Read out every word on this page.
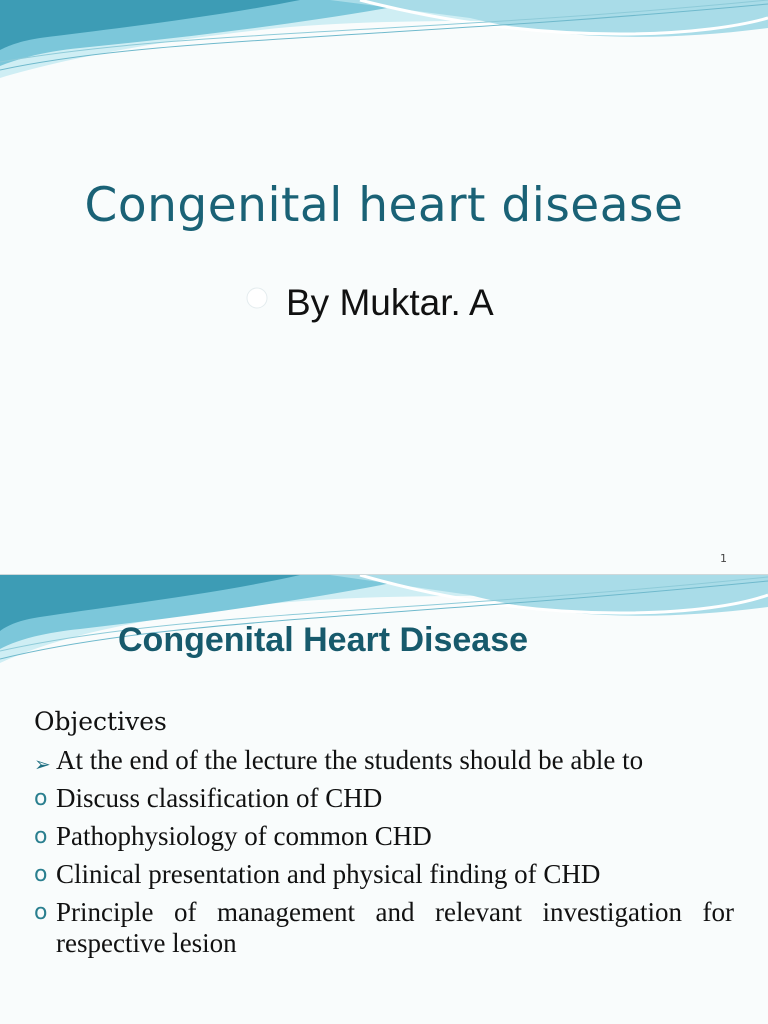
Congenital heart disease
By Muktar. A
1
Congenital Heart Disease
Objectives
➢ At the end of the lecture the students should be able to
o Discuss classification of CHD
o Pathophysiology of common CHD
o Clinical presentation and physical finding of CHD
o Principle of management and relevant investigation for respective lesion
